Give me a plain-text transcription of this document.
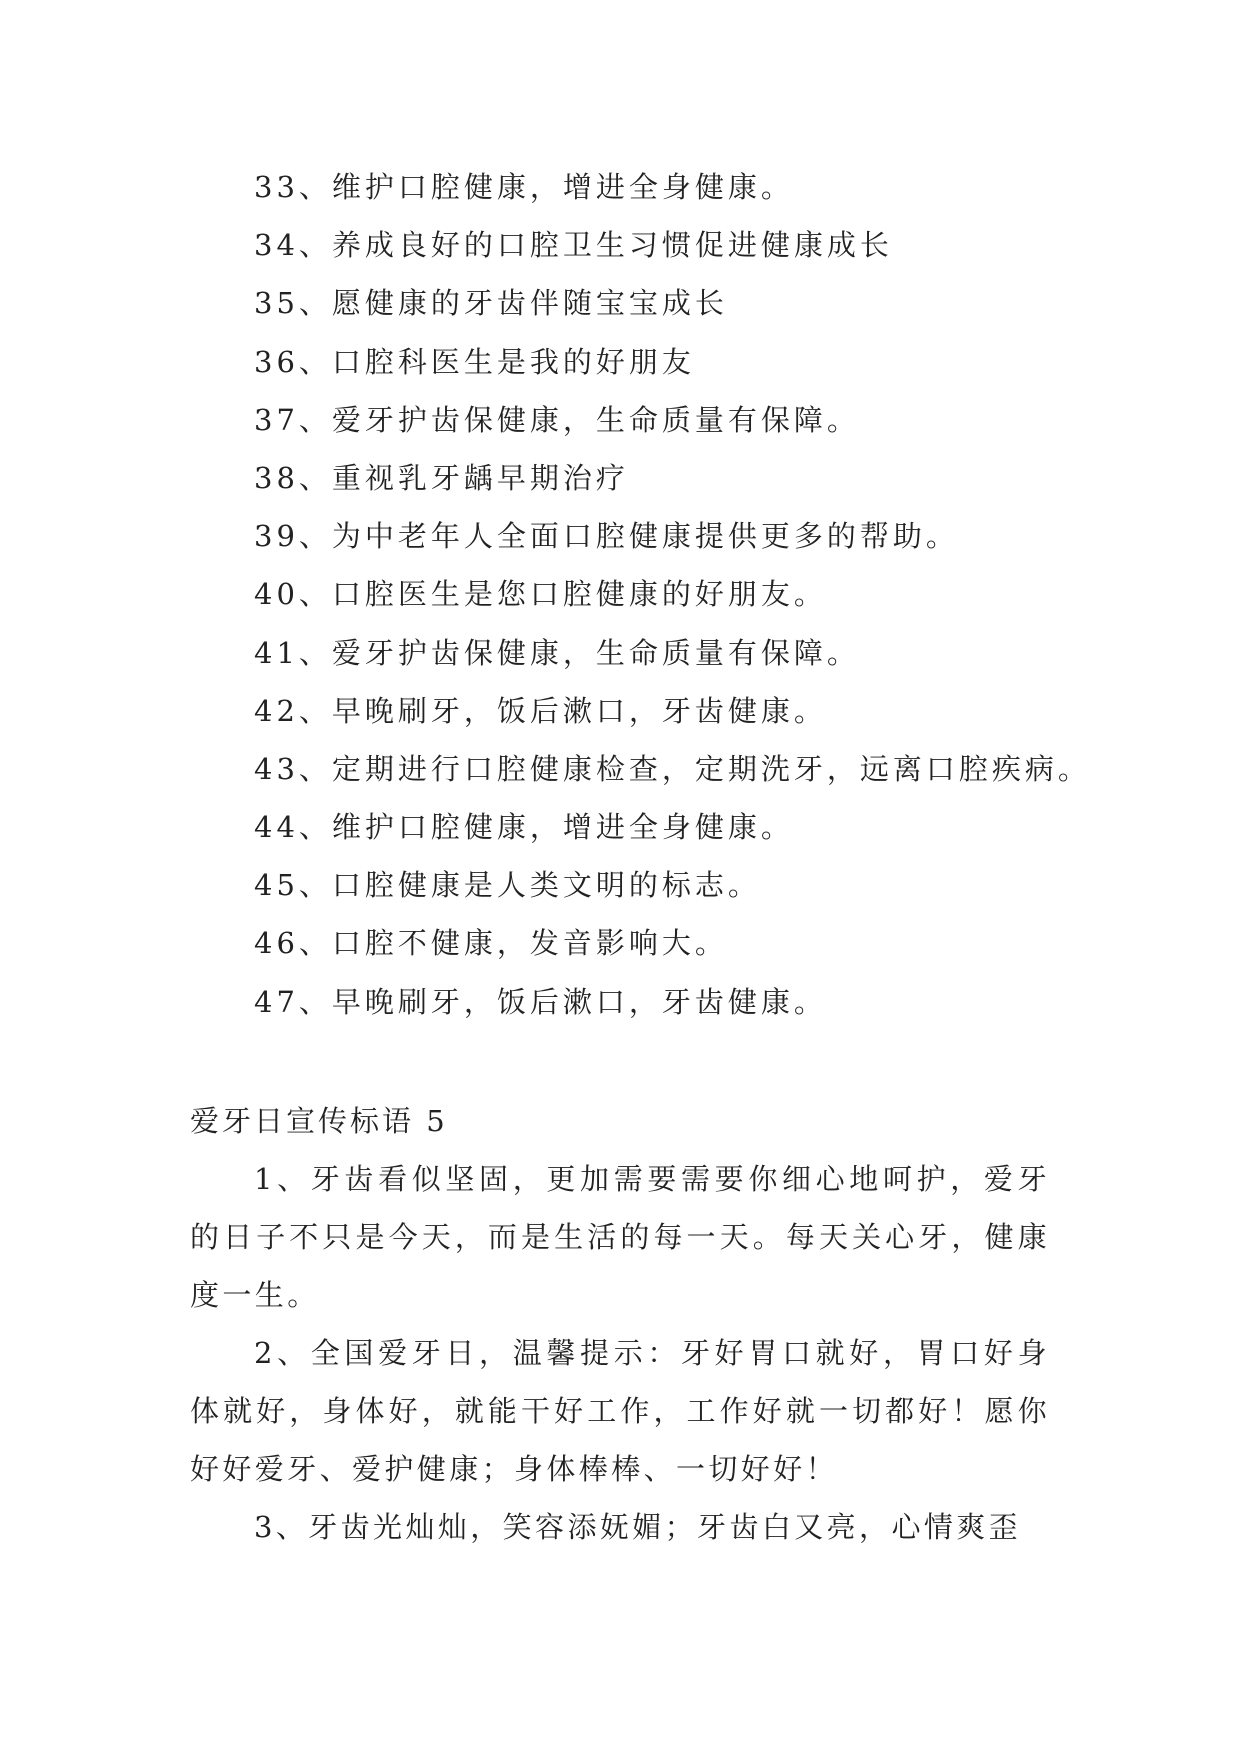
33、维护口腔健康，增进全身健康。
34、养成良好的口腔卫生习惯促进健康成长
35、愿健康的牙齿伴随宝宝成长
36、口腔科医生是我的好朋友
37、爱牙护齿保健康，生命质量有保障。
38、重视乳牙龋早期治疗
39、为中老年人全面口腔健康提供更多的帮助。
40、口腔医生是您口腔健康的好朋友。
41、爱牙护齿保健康，生命质量有保障。
42、早晚刷牙，饭后漱口，牙齿健康。
43、定期进行口腔健康检查，定期洗牙，远离口腔疾病。
44、维护口腔健康，增进全身健康。
45、口腔健康是人类文明的标志。
46、口腔不健康，发音影响大。
47、早晚刷牙，饭后漱口，牙齿健康。
爱牙日宣传标语 5

1、牙齿看似坚固，更加需要需要你细心地呵护，爱牙的日子不只是今天，而是生活的每一天。每天关心牙，健康度一生。

2、全国爱牙日，温馨提示：牙好胃口就好，胃口好身体就好，身体好，就能干好工作，工作好就一切都好！愿你好好爱牙、爱护健康；身体棒棒、一切好好！

3、牙齿光灿灿，笑容添妩媚；牙齿白又亮，心情爽歪
